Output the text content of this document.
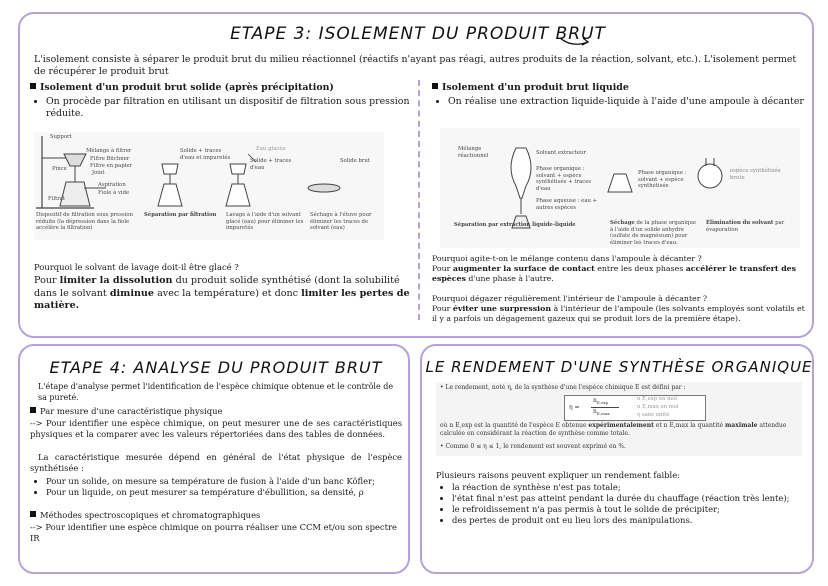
ETAPE 3: ISOLEMENT DU PRODUIT BRUT
L'isolement consiste à séparer le produit brut du milieu réactionnel (réactifs n'ayant pas réagi, autres produits de la réaction, solvant, etc.). L'isolement permet de récupérer le produit brut
Isolement d'un produit brut solide (après précipitation)
• On procède par filtration en utilisant un dispositif de filtration sous pression réduite.
Support
Mélange à filtrer
Filtre Büchner
Filtre en papier
Pince
Joint
Aspiration
Fiole à vide
Filtrat
Solide + traces d'eau et impuretés
Eau glacée
Solide + traces d'eau
Solide brut
Dispositif de filtration sous pression réduite (la dépression dans la fiole accélère la filtration)
Séparation par filtration	Lavage à l'aide d'un solvant glacé (eau) pour éliminer les impuretés
Séchage à l'étuve pour éliminer les traces de solvant (eau)
Pourquoi le solvant de lavage doit-il être glacé ?
Pour limiter la dissolution du produit solide synthétisé (dont la solubilité dans le solvant diminue avec la température) et donc limiter les pertes de matière.
Isolement d'un produit brut liquide
• On réalise une extraction liquide-liquide à l'aide d'une ampoule à décanter
Mélange réactionnel	Solvant extracteur
Phase organique : solvant + espèce synthétisée + traces d'eau
Phase aqueuse : eau + autres espèces
Phase organique : solvant + espèce synthétisée
espèce synthétisée brute
Séparation par extraction liquide-liquide	Séchage de la phase organique à l'aide d'un solide anhydre (sulfate de magnésium) pour éliminer les traces d'eau.
Élimination du solvant par évaporation
Pourquoi agite-t-on le mélange contenu dans l'ampoule à décanter ?
Pour augmenter la surface de contact entre les deux phases accélérer le transfert des espèces d'une phase à l'autre.
Pourquoi dégazer régulièrement l'intérieur de l'ampoule à décanter ?
Pour éviter une surpression à l'intérieur de l'ampoule (les solvants employés sont volatils et il y a parfois un dégagement gazeux qui se produit lors de la première étape).
ETAPE 4: ANALYSE DU PRODUIT BRUT
L'étape d'analyse permet l'identification de l'espèce chimique obtenue et le contrôle de sa pureté.
Par mesure d'une caractéristique physique
--> Pour identifier une espèce chimique, on peut mesurer une de ses caractéristiques physiques et la comparer avec les valeurs répertoriées dans des tables de données.
La caractéristique mesurée dépend en général de l'état physique de l'espèce synthétisée :
• Pour un solide, on mesure sa température de fusion à l'aide d'un banc Köfler;
• Pour un liquide, on peut mesurer sa température d'ébullition, sa densité, ρ
Méthodes spectroscopiques et chromatographiques
--> Pour identifier une espèce chimique on pourra réaliser une CCM et/ou son spectre IR
LE RENDEMENT D'UNE SYNTHÈSE ORGANIQUE
• Le rendement, noté η, de la synthèse d'une l'espèce chimique E est défini par :
η =
$n_{E,exp}$
$n_{E,max}$
n E,exp en mol
n E,max en mol
η sans unité
où n E,exp est la quantité de l'espèce E obtenue expérimentalement et n E,max la quantité maximale attendue calculée en considérant la réaction de synthèse comme totale.
• Comme 0 ≤ η ≤ 1, le rendement est souvent exprimé en %.
Plusieurs raisons peuvent expliquer un rendement faible:
• la réaction de synthèse n'est pas totale;
• l'état final n'est pas atteint pendant la durée du chauffage (réaction très lente);
• le refroidissement n'a pas permis à tout le solide de précipiter;
• des pertes de produit ont eu lieu lors des manipulations.
